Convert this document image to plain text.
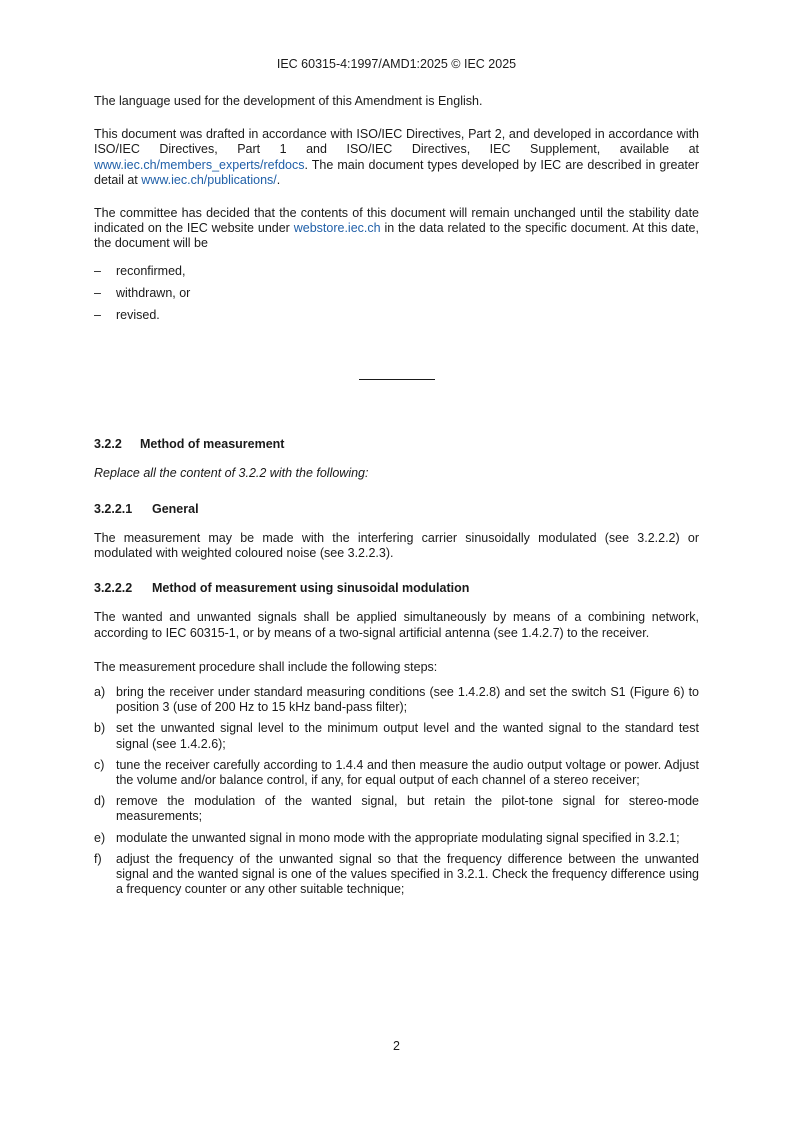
IEC 60315-4:1997/AMD1:2025 © IEC 2025

The language used for the development of this Amendment is English.

This document was drafted in accordance with ISO/IEC Directives, Part 2, and developed in accordance with ISO/IEC Directives, Part 1 and ISO/IEC Directives, IEC Supplement, available at www.iec.ch/members_experts/refdocs. The main document types developed by IEC are described in greater detail at www.iec.ch/publications/.

The committee has decided that the contents of this document will remain unchanged until the stability date indicated on the IEC website under webstore.iec.ch in the data related to the specific document. At this date, the document will be

–	reconfirmed,
–	withdrawn, or
–	revised.
3.2.2 Method of measurement

Replace all the content of 3.2.2 with the following:

3.2.2.1 General

The measurement may be made with the interfering carrier sinusoidally modulated (see 3.2.2.2) or modulated with weighted coloured noise (see 3.2.2.3).

3.2.2.2 Method of measurement using sinusoidal modulation

The wanted and unwanted signals shall be applied simultaneously by means of a combining network, according to IEC 60315-1, or by means of a two-signal artificial antenna (see 1.4.2.7) to the receiver.

The measurement procedure shall include the following steps:

a) bring the receiver under standard measuring conditions (see 1.4.2.8) and set the switch S1 (Figure 6) to position 3 (use of 200 Hz to 15 kHz band-pass filter);
b) set the unwanted signal level to the minimum output level and the wanted signal to the standard test signal (see 1.4.2.6);
c) tune the receiver carefully according to 1.4.4 and then measure the audio output voltage or power. Adjust the volume and/or balance control, if any, for equal output of each channel of a stereo receiver;
d) remove the modulation of the wanted signal, but retain the pilot-tone signal for stereo-mode measurements;
e) modulate the unwanted signal in mono mode with the appropriate modulating signal specified in 3.2.1;
f)	adjust the frequency of the unwanted signal so that the frequency difference between the unwanted signal and the wanted signal is one of the values specified in 3.2.1. Check the frequency difference using a frequency counter or any other suitable technique;
2
